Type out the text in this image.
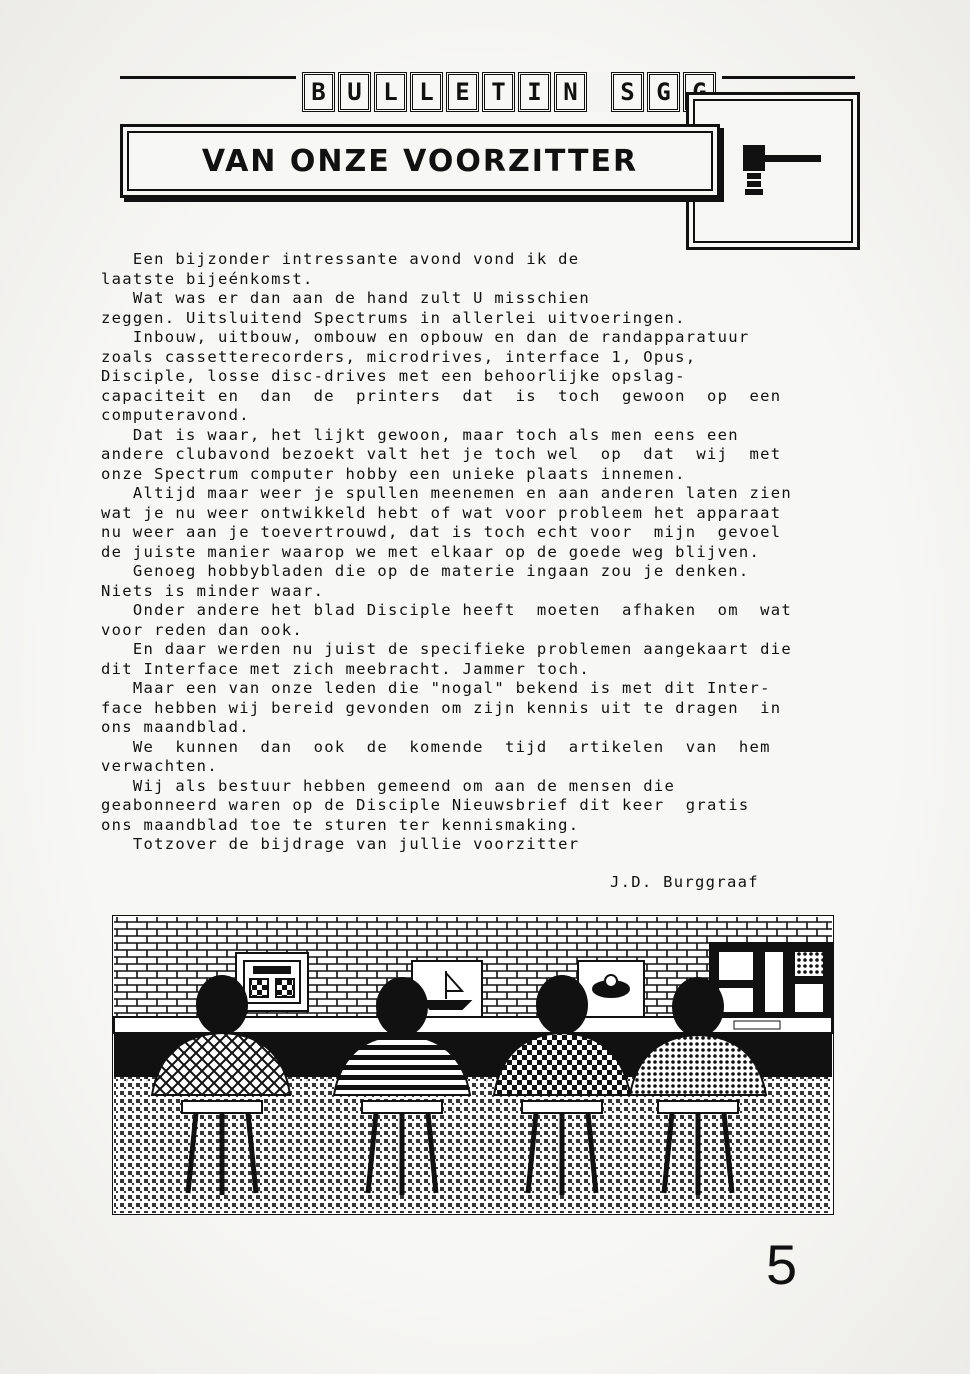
B U L L E T I N	S G
VAN ONZE VOORZITTER
Een bijzonder intressante avond vond ik de
laatste bijeénkomst.
Wat was er dan aan de hand zult U misschien
zeggen. Uitsluitend Spectrums in allerlei uitvoeringen.
Inbouw, uitbouw, ombouw en opbouw en dan de randapparatuur
zoals cassetterecorders, microdrives, interface 1, Opus,
Disciple, losse disc-drives met een behoorlijke opslag-
capaciteit en  dan  de  printers  dat  is  toch  gewoon  op  een
computeravond.
Dat is waar, het lijkt gewoon, maar toch als men eens een
andere clubavond bezoekt valt het je toch wel  op  dat  wij  met
onze Spectrum computer hobby een unieke plaats innemen.
Altijd maar weer je spullen meenemen en aan anderen laten zien
wat je nu weer ontwikkeld hebt of wat voor probleem het apparaat
nu weer aan je toevertrouwd, dat is toch echt voor  mijn  gevoel
de juiste manier waarop we met elkaar op de goede weg blijven.
Genoeg hobbybladen die op de materie ingaan zou je denken.
Niets is minder waar.
Onder andere het blad Disciple heeft  moeten  afhaken  om  wat
voor reden dan ook.
En daar werden nu juist de specifieke problemen aangekaart die
dit Interface met zich meebracht. Jammer toch.
Maar een van onze leden die "nogal" bekend is met dit Inter-
face hebben wij bereid gevonden om zijn kennis uit te dragen  in
ons maandblad.
We  kunnen  dan  ook  de  komende  tijd  artikelen  van  hem
verwachten.
Wij als bestuur hebben gemeend om aan de mensen die
geabonneerd waren op de Disciple Nieuwsbrief dit keer  gratis
ons maandblad toe te sturen ter kennismaking.
Totzover de bijdrage van jullie voorzitter
J.D. Burggraaf
5
